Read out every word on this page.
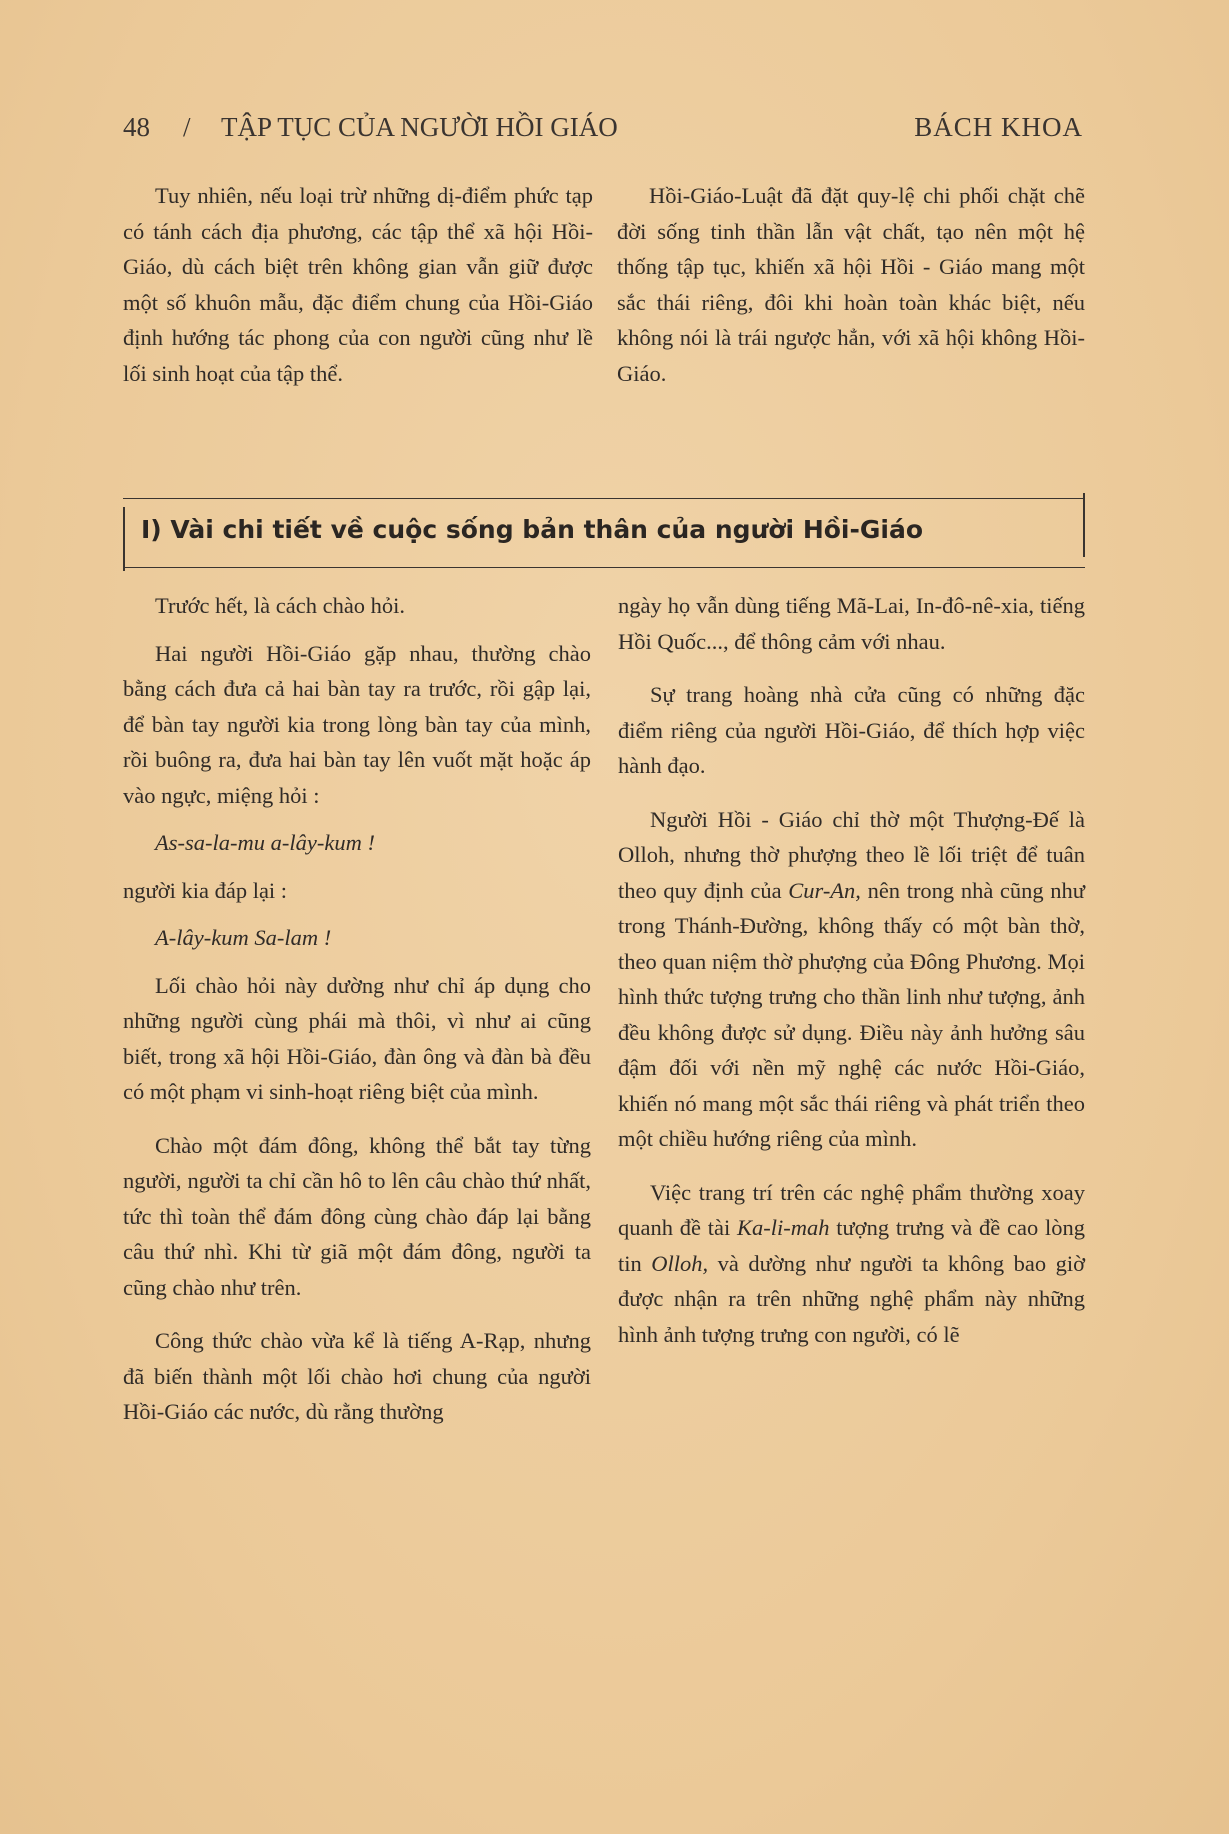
48 / TẬP TỤC CỦA NGƯỜI HỒI GIÁO	BÁCH KHOA

Tuy nhiên, nếu loại trừ những dị-điểm phức tạp có tánh cách địa phương, các tập thể xã hội Hồi-Giáo, dù cách biệt trên không gian vẫn giữ được một số khuôn mẫu, đặc điểm chung của Hồi-Giáo định hướng tác phong của con người cũng như lề lối sinh hoạt của tập thể.

Hồi-Giáo-Luật đã đặt quy-lệ chi phối chặt chẽ đời sống tinh thần lẫn vật chất, tạo nên một hệ thống tập tục, khiến xã hội Hồi - Giáo mang một sắc thái riêng, đôi khi hoàn toàn khác biệt, nếu không nói là trái ngược hẳn, với xã hội không Hồi-Giáo.

I) Vài chi tiết về cuộc sống bản thân của người Hồi-Giáo

Trước hết, là cách chào hỏi.

Hai người Hồi-Giáo gặp nhau, thường chào bằng cách đưa cả hai bàn tay ra trước, rồi gập lại, để bàn tay người kia trong lòng bàn tay của mình, rồi buông ra, đưa hai bàn tay lên vuốt mặt hoặc áp vào ngực, miệng hỏi :

As-sa-la-mu a-lây-kum !

người kia đáp lại :

A-lây-kum Sa-lam !

Lối chào hỏi này dường như chỉ áp dụng cho những người cùng phái mà thôi, vì như ai cũng biết, trong xã hội Hồi-Giáo, đàn ông và đàn bà đều có một phạm vi sinh-hoạt riêng biệt của mình.

Chào một đám đông, không thể bắt tay từng người, người ta chỉ cần hô to lên câu chào thứ nhất, tức thì toàn thể đám đông cùng chào đáp lại bằng câu thứ nhì. Khi từ giã một đám đông, người ta cũng chào như trên.

Công thức chào vừa kể là tiếng A-Rạp, nhưng đã biến thành một lối chào hơi chung của người Hồi-Giáo các nước, dù rằng thường

ngày họ vẫn dùng tiếng Mã-Lai, In-đô-nê-xia, tiếng Hồi Quốc..., để thông cảm với nhau.

Sự trang hoàng nhà cửa cũng có những đặc điểm riêng của người Hồi-Giáo, để thích hợp việc hành đạo.

Người Hồi - Giáo chỉ thờ một Thượng-Đế là Olloh, nhưng thờ phượng theo lề lối triệt để tuân theo quy định của Cur-An, nên trong nhà cũng như trong Thánh-Đường, không thấy có một bàn thờ, theo quan niệm thờ phượng của Đông Phương. Mọi hình thức tượng trưng cho thần linh như tượng, ảnh đều không được sử dụng. Điều này ảnh hưởng sâu đậm đối với nền mỹ nghệ các nước Hồi-Giáo, khiến nó mang một sắc thái riêng và phát triển theo một chiều hướng riêng của mình.

Việc trang trí trên các nghệ phẩm thường xoay quanh đề tài Ka-li-mah tượng trưng và đề cao lòng tin Olloh, và dường như người ta không bao giờ được nhận ra trên những nghệ phẩm này những hình ảnh tượng trưng con người, có lẽ
